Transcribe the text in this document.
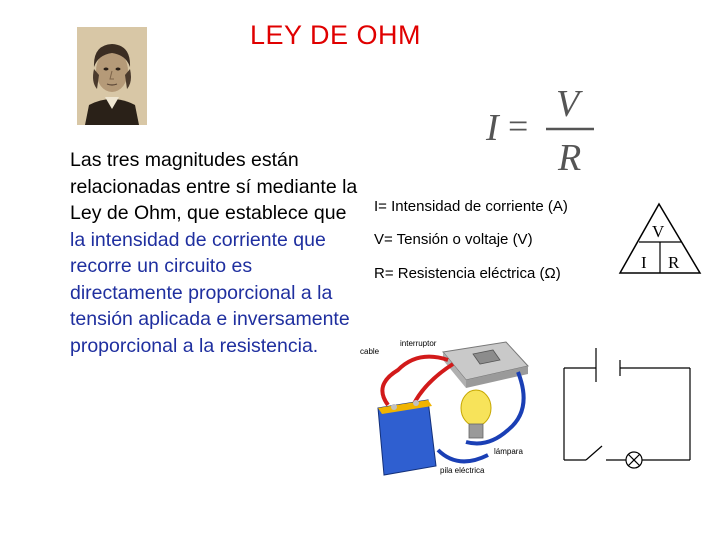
LEY DE OHM
Las tres magnitudes están relacionadas entre sí mediante la Ley de Ohm, que establece que la intensidad de corriente que recorre un circuito es directamente proporcional a la tensión aplicada e inversamente proporcional a la resistencia.
I =
V
R
I= Intensidad de corriente (A)
V= Tensión o voltaje (V)
R= Resistencia eléctrica (Ω)
V
I R
cable
interruptor
lámpara
pila eléctrica
